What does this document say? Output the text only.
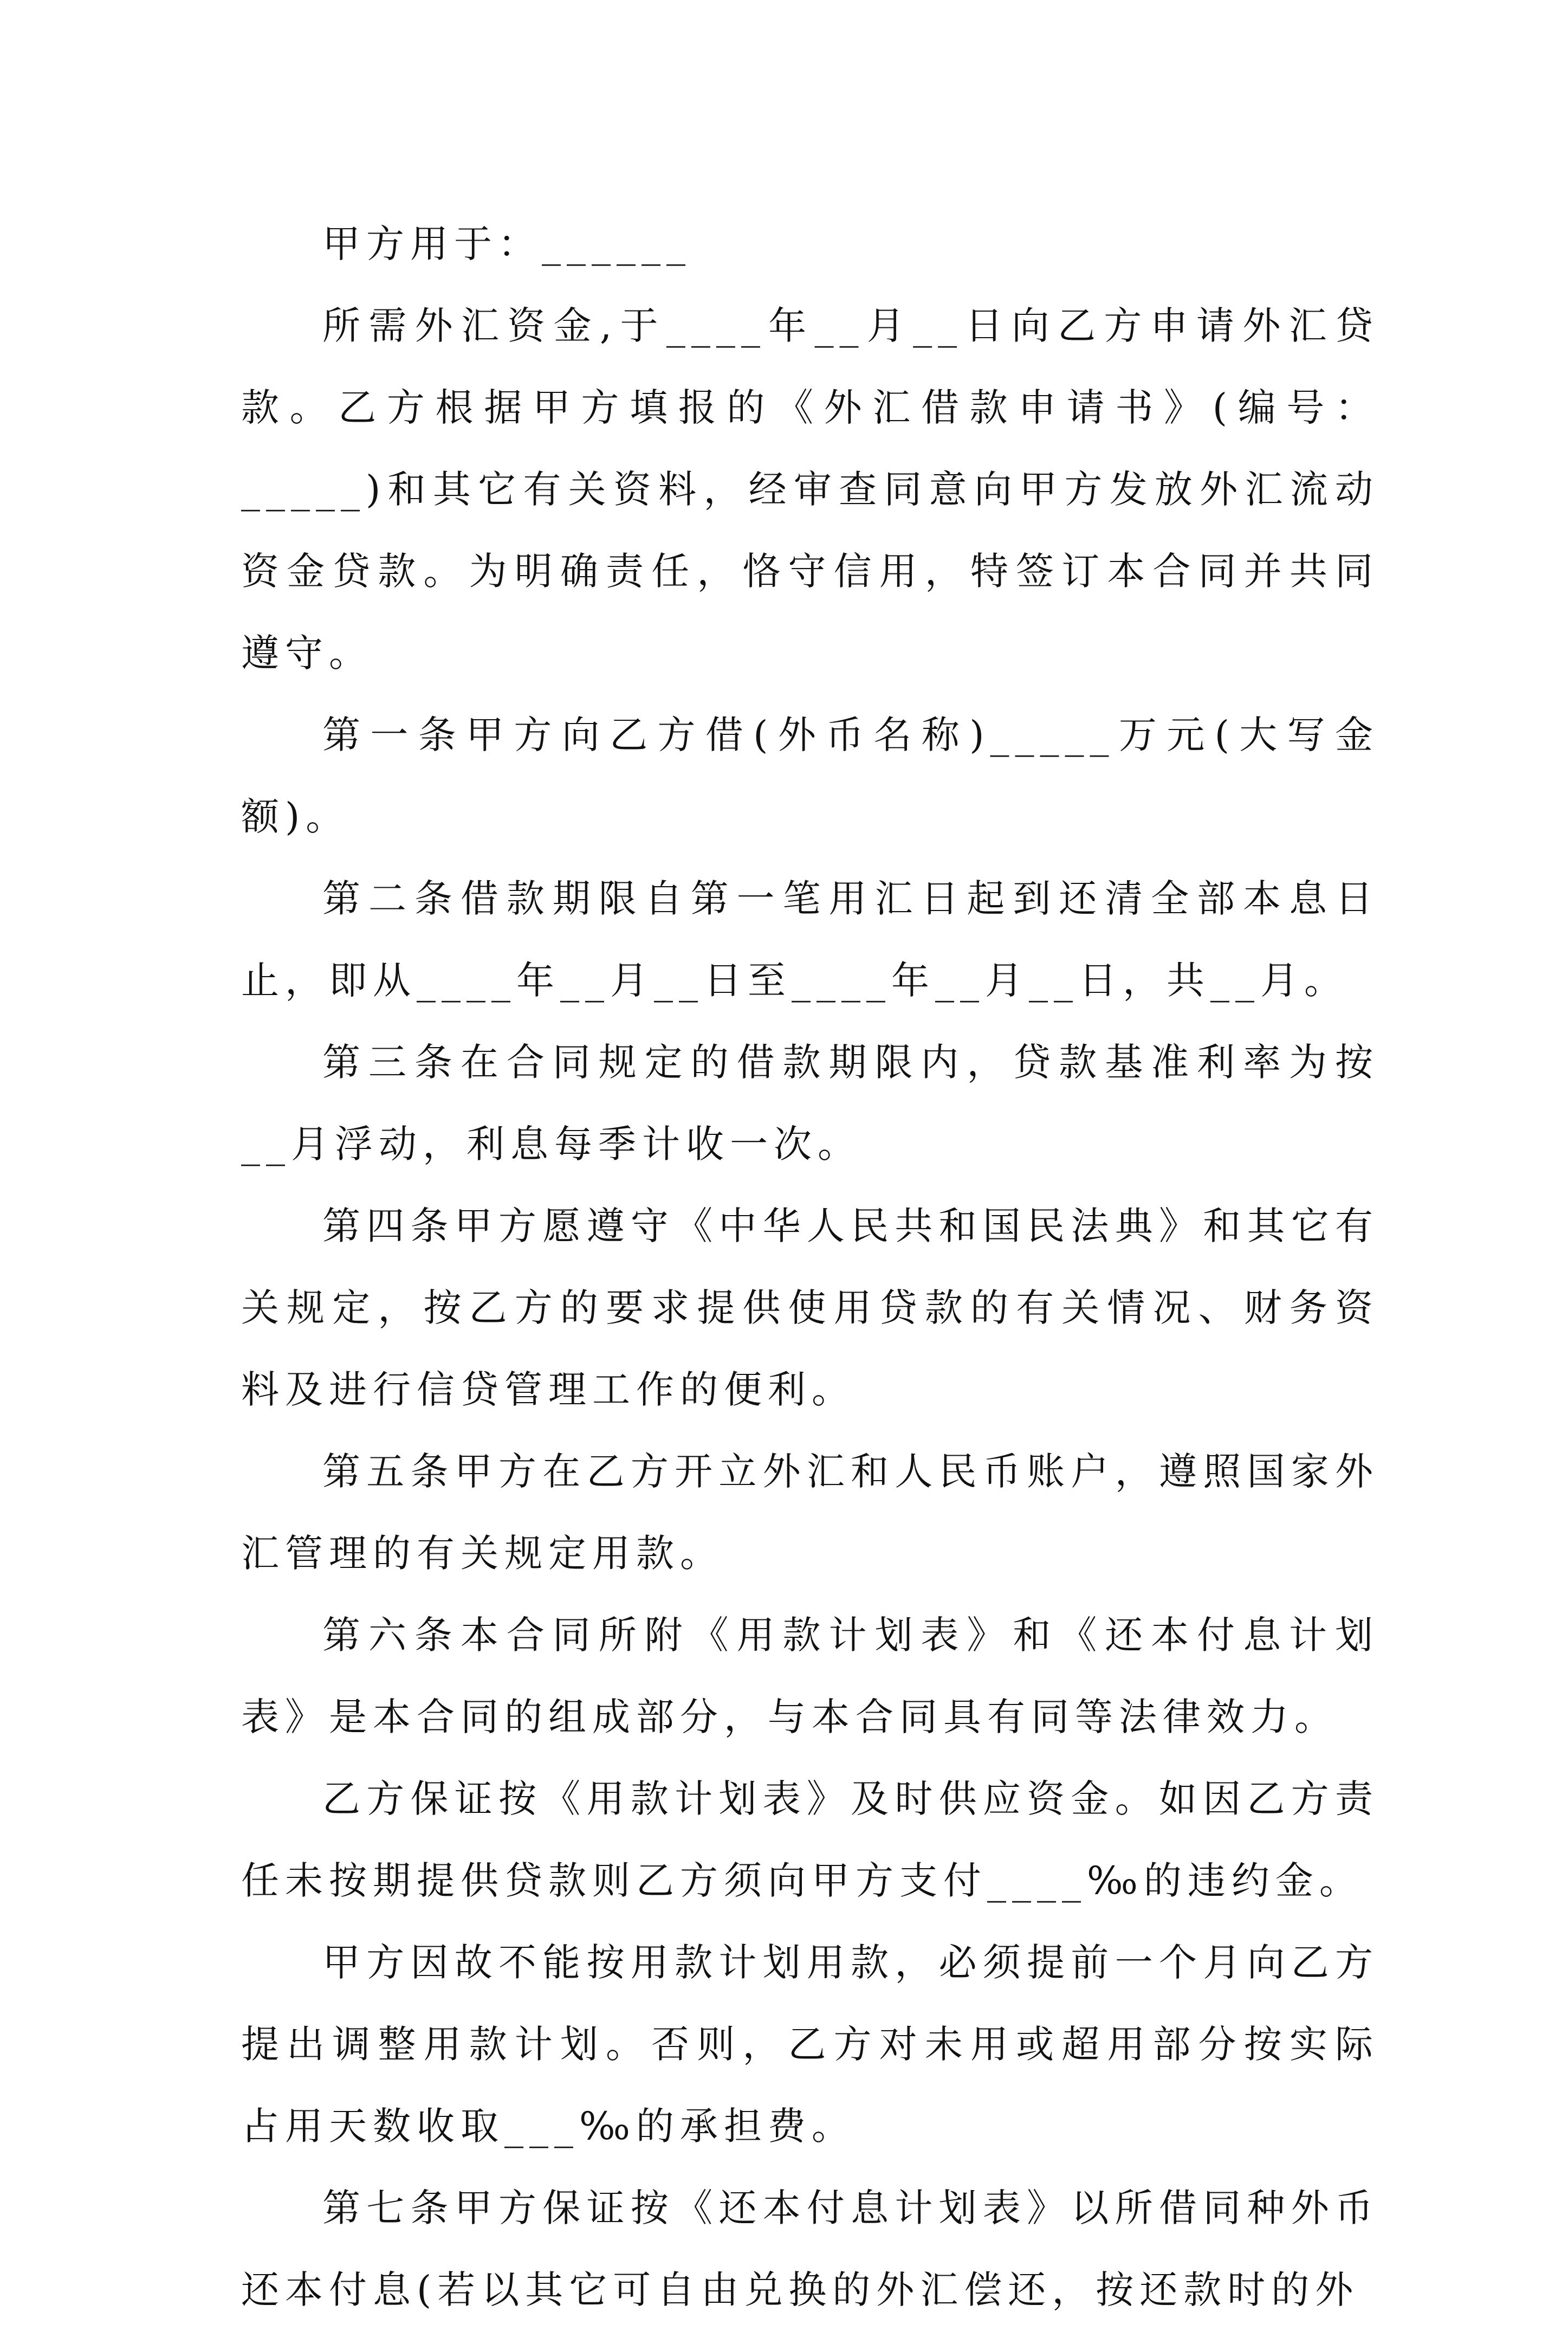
甲方用于：______

所需外汇资金,于____年__月__日向乙方申请外汇贷款。乙方根据甲方填报的《外汇借款申请书》(编号：_____)和其它有关资料，经审查同意向甲方发放外汇流动资金贷款。为明确责任，恪守信用，特签订本合同并共同遵守。

第一条甲方向乙方借(外币名称)_____万元(大写金额)。

第二条借款期限自第一笔用汇日起到还清全部本息日止，即从____年__月__日至____年__月__日，共__月。

第三条在合同规定的借款期限内，贷款基准利率为按__月浮动，利息每季计收一次。

第四条甲方愿遵守《中华人民共和国民法典》和其它有关规定，按乙方的要求提供使用贷款的有关情况、财务资料及进行信贷管理工作的便利。

第五条甲方在乙方开立外汇和人民币账户，遵照国家外汇管理的有关规定用款。

第六条本合同所附《用款计划表》和《还本付息计划表》是本合同的组成部分，与本合同具有同等法律效力。

乙方保证按《用款计划表》及时供应资金。如因乙方责任未按期提供贷款则乙方须向甲方支付____‰的违约金。

甲方因故不能按用款计划用款，必须提前一个月向乙方提出调整用款计划。否则，乙方对未用或超用部分按实际占用天数收取___‰的承担费。

第七条甲方保证按《还本付息计划表》以所借同种外币还本付息(若以其它可自由兑换的外汇偿还，按还款时的外
